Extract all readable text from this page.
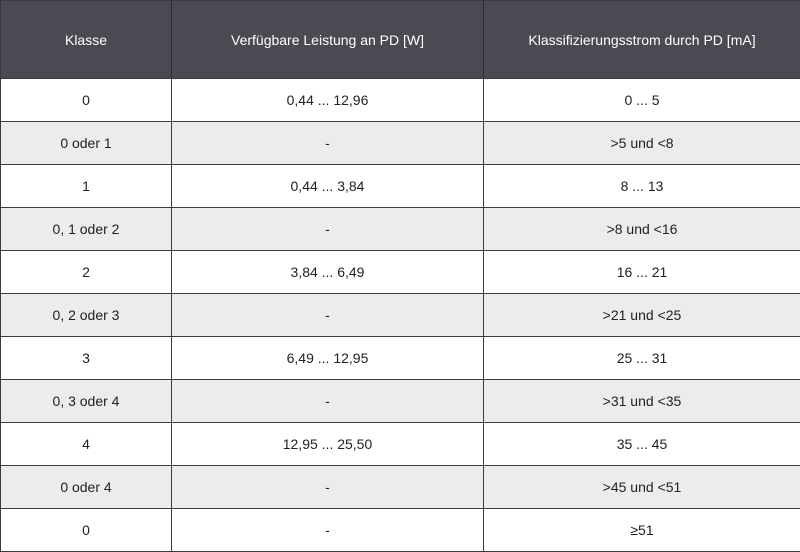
Klasse	Verfügbare Leistung an PD [W]	Klassifizierungsstrom durch PD [mA]
0	0,44 ... 12,96	0 ... 5
0 oder 1	-	>5 und <8
1	0,44 ... 3,84	8 ... 13
0, 1 oder 2	-	>8 und <16
2	3,84 ... 6,49	16 ... 21
0, 2 oder 3	-	>21 und <25
3	6,49 ... 12,95	25 ... 31
0, 3 oder 4	-	>31 und <35
4	12,95 ... 25,50	35 ... 45
0 oder 4	-	>45 und <51
0	-	≥51
